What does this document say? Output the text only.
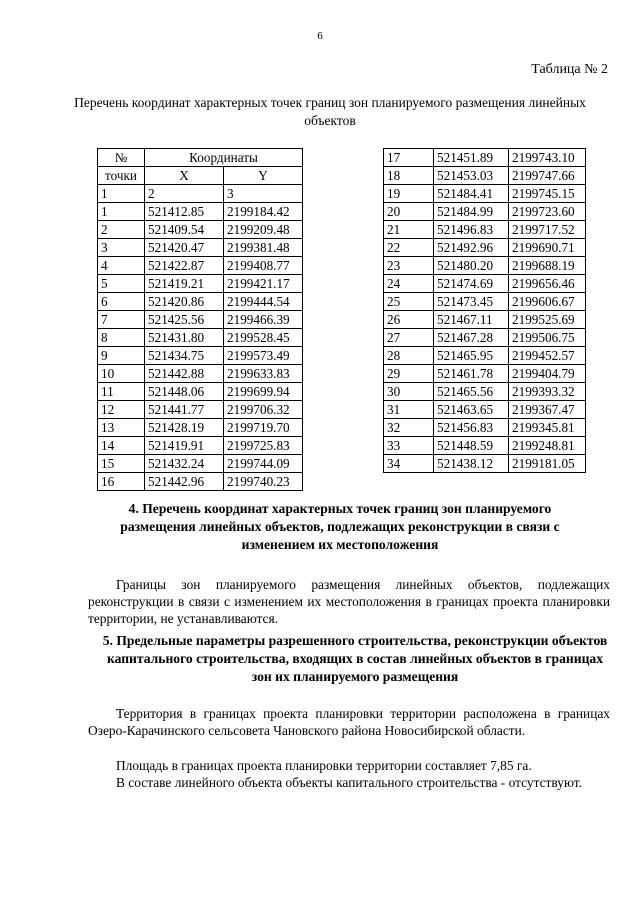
6
Таблица № 2
Перечень координат характерных точек границ зон планируемого размещения линейных объектов
№	Координаты	
точки	X	Y
1	2	3
1	521412.85	2199184.42
2	521409.54	2199209.48
3	521420.47	2199381.48
4	521422.87	2199408.77
5	521419.21	2199421.17
6	521420.86	2199444.54
7	521425.56	2199466.39
8	521431.80	2199528.45
9	521434.75	2199573.49
10	521442.88	2199633.83
11	521448.06	2199699.94
12	521441.77	2199706.32
13	521428.19	2199719.70
14	521419.91	2199725.83
15	521432.24	2199744.09
16	521442.96	2199740.23
17	521451.89	2199743.10
18	521453.03	2199747.66
19	521484.41	2199745.15
20	521484.99	2199723.60
21	521496.83	2199717.52
22	521492.96	2199690.71
23	521480.20	2199688.19
24	521474.69	2199656.46
25	521473.45	2199606.67
26	521467.11	2199525.69
27	521467.28	2199506.75
28	521465.95	2199452.57
29	521461.78	2199404.79
30	521465.56	2199393.32
31	521463.65	2199367.47
32	521456.83	2199345.81
33	521448.59	2199248.81
34	521438.12	2199181.05
4. Перечень координат характерных точек границ зон планируемого размещения линейных объектов, подлежащих реконструкции в связи с изменением их местоположения
Границы зон планируемого размещения линейных объектов, подлежащих реконструкции в связи с изменением их местоположения в границах проекта планировки территории, не устанавливаются.
5. Предельные параметры разрешенного строительства, реконструкции объектов капитального строительства, входящих в состав линейных объектов в границах зон их планируемого размещения
Территория в границах проекта планировки территории расположена в границах Озеро-Карачинского сельсовета Чановского района Новосибирской области.
Площадь в границах проекта планировки территории составляет 7,85 га.
В составе линейного объекта объекты капитального строительства - отсутствуют.
